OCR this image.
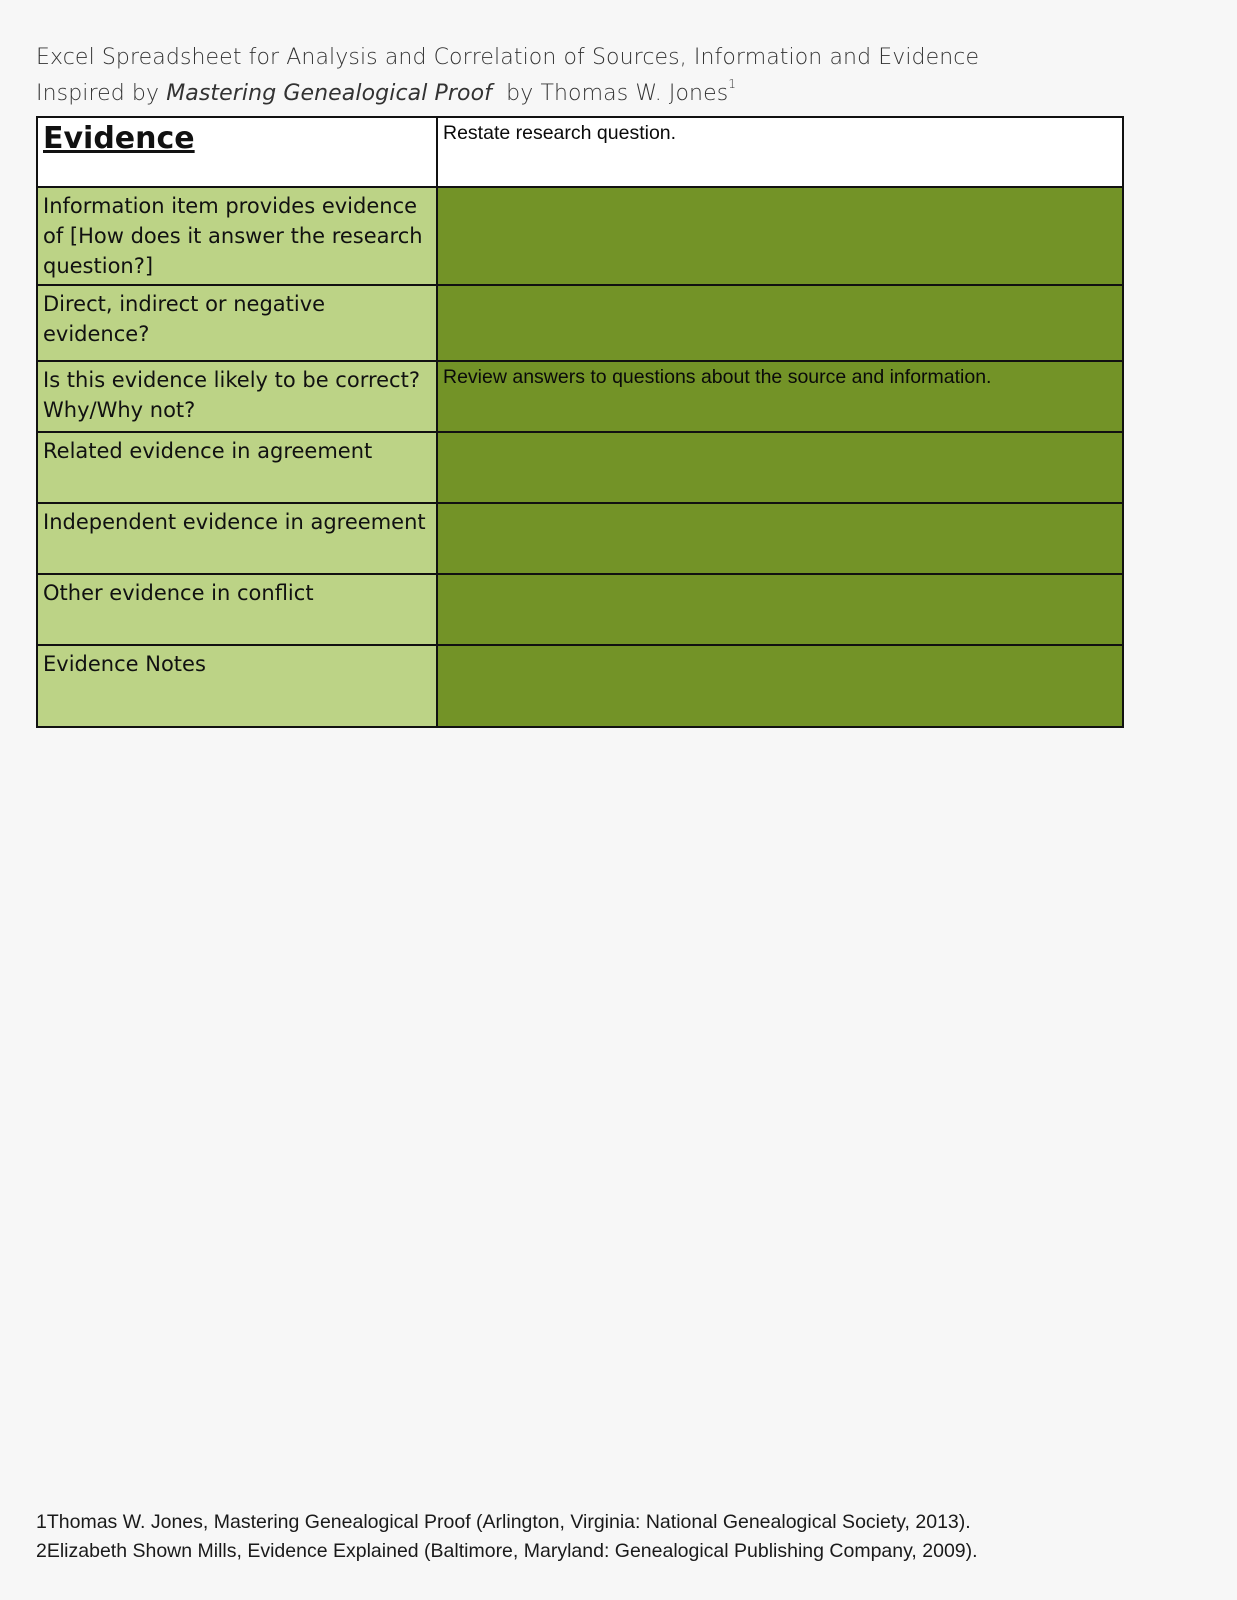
Excel Spreadsheet for Analysis and Correlation of Sources, Information and Evidence
Inspired by Mastering Genealogical Proof  by Thomas W. Jones$^1$
Evidence	Restate research question.
Information item provides evidence of [How does it answer the research question?]	
Direct, indirect or negative evidence?	
Is this evidence likely to be correct? Why/Why not?	Review answers to questions about the source and information.
Related evidence in agreement	
Independent evidence in agreement	
Other evidence in conflict	
Evidence Notes	
1Thomas W. Jones, Mastering Genealogical Proof (Arlington, Virginia: National Genealogical Society, 2013).
2Elizabeth Shown Mills, Evidence Explained (Baltimore, Maryland: Genealogical Publishing Company, 2009).
